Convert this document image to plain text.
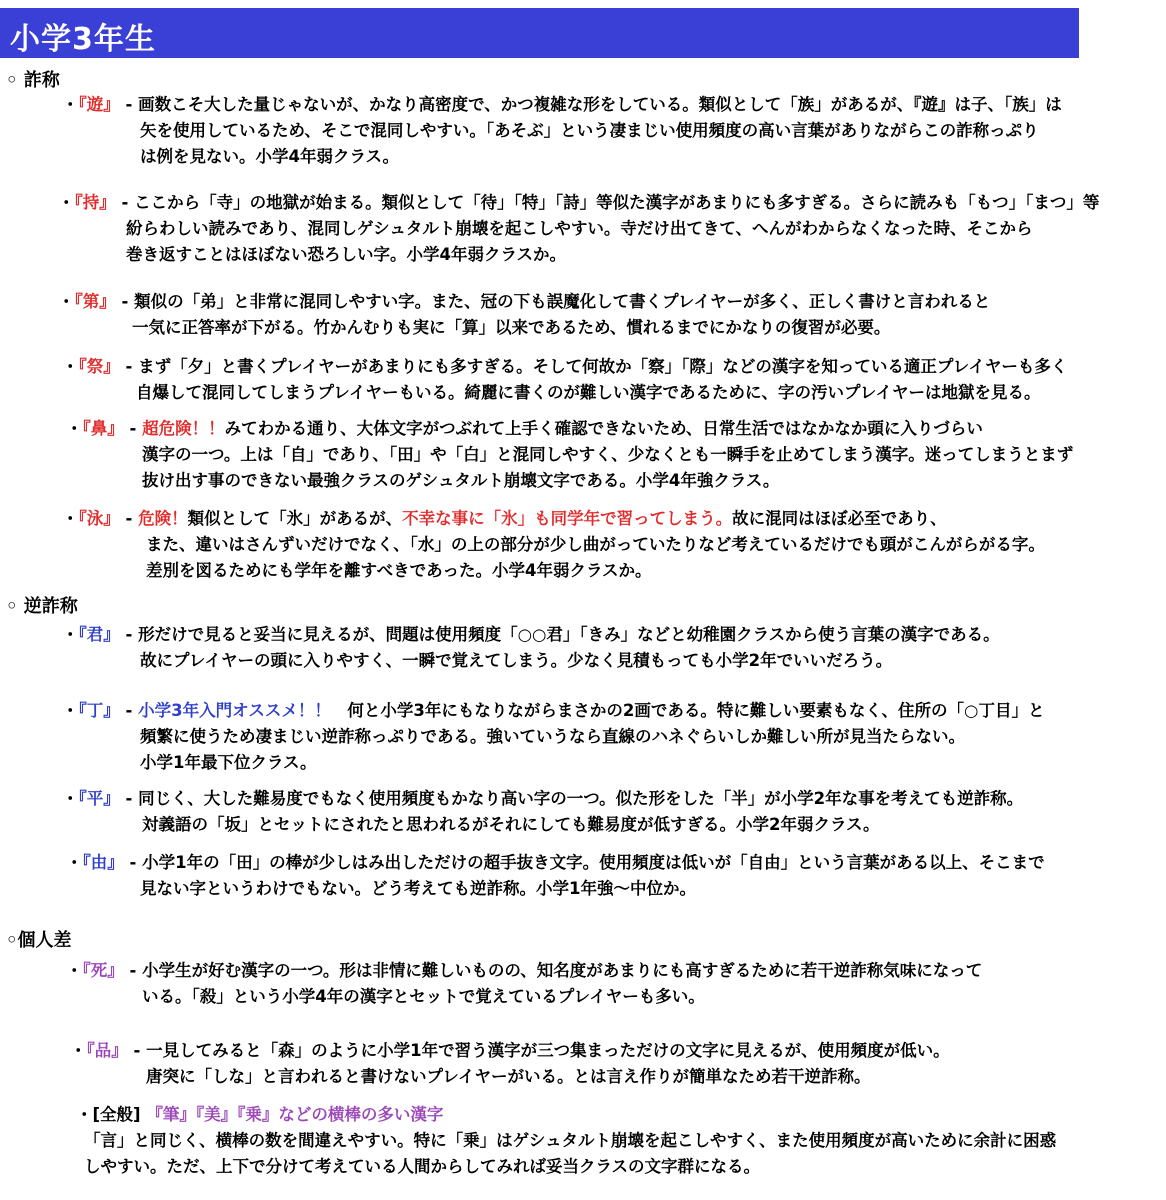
小学3年生
◦ 詐称
・『遊』 - 画数こそ大した量じゃないが、かなり高密度で、かつ複雑な形をしている。類似として「族」があるが、『遊』は子、「族」は
矢を使用しているため、そこで混同しやすい。「あそぶ」という凄まじい使用頻度の高い言葉がありながらこの詐称っぷり
は例を見ない。小学4年弱クラス。
・『持』 - ここから「寺」の地獄が始まる。類似として「待」「特」「詩」等似た漢字があまりにも多すぎる。さらに読みも「もつ」「まつ」等
紛らわしい読みであり、混同しゲシュタルト崩壊を起こしやすい。寺だけ出てきて、へんがわからなくなった時、そこから
巻き返すことはほぼない恐ろしい字。小学4年弱クラスか。
・『第』 - 類似の「弟」と非常に混同しやすい字。また、冠の下も誤魔化して書くプレイヤーが多く、正しく書けと言われると
一気に正答率が下がる。竹かんむりも実に「算」以来であるため、慣れるまでにかなりの復習が必要。
・『祭』 - まず「夕」と書くプレイヤーがあまりにも多すぎる。そして何故か「察」「際」などの漢字を知っている適正プレイヤーも多く
自爆して混同してしまうプレイヤーもいる。綺麗に書くのが難しい漢字であるために、字の汚いプレイヤーは地獄を見る。
・『鼻』 - 超危険！！みてわかる通り、大体文字がつぶれて上手く確認できないため、日常生活ではなかなか頭に入りづらい
漢字の一つ。上は「自」であり、「田」や「白」と混同しやすく、少なくとも一瞬手を止めてしまう漢字。迷ってしまうとまず
抜け出す事のできない最強クラスのゲシュタルト崩壊文字である。小学4年強クラス。
・『泳』 - 危険！類似として「氷」があるが、不幸な事に「氷」も同学年で習ってしまう。故に混同はほぼ必至であり、
また、違いはさんずいだけでなく、「水」の上の部分が少し曲がっていたりなど考えているだけでも頭がこんがらがる字。
差別を図るためにも学年を離すべきであった。小学4年弱クラスか。
◦ 逆詐称
・『君』 - 形だけで見ると妥当に見えるが、問題は使用頻度「○○君」「きみ」などと幼稚園クラスから使う言葉の漢字である。
故にプレイヤーの頭に入りやすく、一瞬で覚えてしまう。少なく見積もっても小学2年でいいだろう。
・『丁』 - 小学3年入門オススメ！！　何と小学3年にもなりながらまさかの2画である。特に難しい要素もなく、住所の「○丁目」と
頻繁に使うため凄まじい逆詐称っぷりである。強いていうなら直線のハネぐらいしか難しい所が見当たらない。
小学1年最下位クラス。
・『平』 - 同じく、大した難易度でもなく使用頻度もかなり高い字の一つ。似た形をした「半」が小学2年な事を考えても逆詐称。
対義語の「坂」とセットにされたと思われるがそれにしても難易度が低すぎる。小学2年弱クラス。
・『由』 - 小学1年の「田」の棒が少しはみ出しただけの超手抜き文字。使用頻度は低いが「自由」という言葉がある以上、そこまで
見ない字というわけでもない。どう考えても逆詐称。小学1年強～中位か。
◦個人差
・『死』 - 小学生が好む漢字の一つ。形は非情に難しいものの、知名度があまりにも高すぎるために若干逆詐称気味になって
いる。「殺」という小学4年の漢字とセットで覚えているプレイヤーも多い。
・『品』 - 一見してみると「森」のように小学1年で習う漢字が三つ集まっただけの文字に見えるが、使用頻度が低い。
唐突に「しな」と言われると書けないプレイヤーがいる。とは言え作りが簡単なため若干逆詐称。
・[全般] 『筆』『美』『乗』などの横棒の多い漢字
「言」と同じく、横棒の数を間違えやすい。特に「乗」はゲシュタルト崩壊を起こしやすく、また使用頻度が高いために余計に困惑
しやすい。ただ、上下で分けて考えている人間からしてみれば妥当クラスの文字群になる。
